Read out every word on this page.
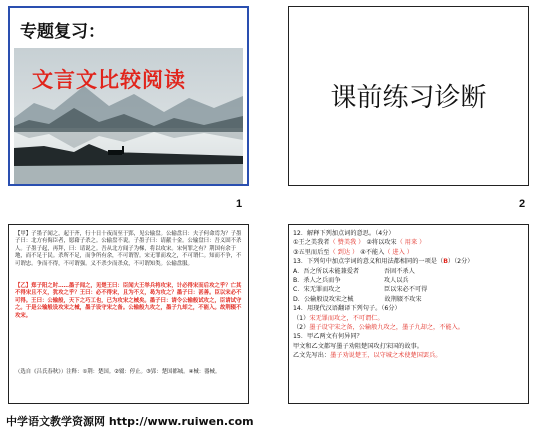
专题复习：
文言文比较阅读
1
课前练习诊断
2
【甲】子墨子闻之，起于齐，行十日十夜而至于郢，见公输盘。公输盘曰：夫子何命焉为？子墨子曰：北方有侮臣者，愿藉子杀之。公输盘不说。子墨子曰：请献十金。公输盘曰：吾义固不杀人。子墨子起，再拜，曰：请说之。吾从北方闻子为梯，将以攻宋。宋何罪之有？荆国有余于地，而不足于民。杀所不足，而争所有余，不可谓智。宋无罪而攻之，不可谓仁。知而不争，不可谓忠。争而不得，不可谓强。义不杀少而杀众，不可谓知类。公输盘服。
【乙】郑子阳之时……墨子闻之，见楚王曰：臣闻大王举兵将攻宋，计必得宋而后攻之乎？亡其不得宋且不义，犹攻之乎？王曰：必不得宋，且为不义，曷为攻之？墨子曰：甚善。臣以宋必不可得。王曰：公输般，天下之巧工也，已为攻宋之械矣。墨子曰：请令公输般试攻之，臣请试守之。于是公输般设攻宋之械，墨子设守宋之备。公输般九攻之，墨子九却之，不能入。故荆辍不攻宋。
（选自《吕氏春秋》）注释：①荆：楚国。②辍：停止。③郢：楚国都城。④械：器械。
12．解释下列加点词的意思。（4分）
①王之美我者（ 赞美我 ） ②将以攻宋（ 用来 ）
③五里而后至（ 到达 ） ④不能入（ 进入 ）
13．下列句中加点字词的意义和用法都相同的一项是（B）（2分）
A．吾之所以未能兼爱者　　　　吾固不杀人
B．杀人之兵而争　　　　　　　攻人以兵
C．宋无罪而攻之　　　　　　　臣以宋必不可得
D．公输般设攻宋之械　　　　　故荆辍不攻宋
14．用现代汉语翻译下列句子。（6分）
（1）宋无罪而攻之，不可谓仁。
（2）墨子设守宋之备，公输般九攻之，墨子九却之，不能入。
15．甲乙两文有何异同？
甲文和乙文都写墨子劝阻楚国攻打宋国的故事。
乙文先写出：墨子劝说楚王，以守城之术使楚国罢兵。
中学语文教学资源网 http://www.ruiwen.com
